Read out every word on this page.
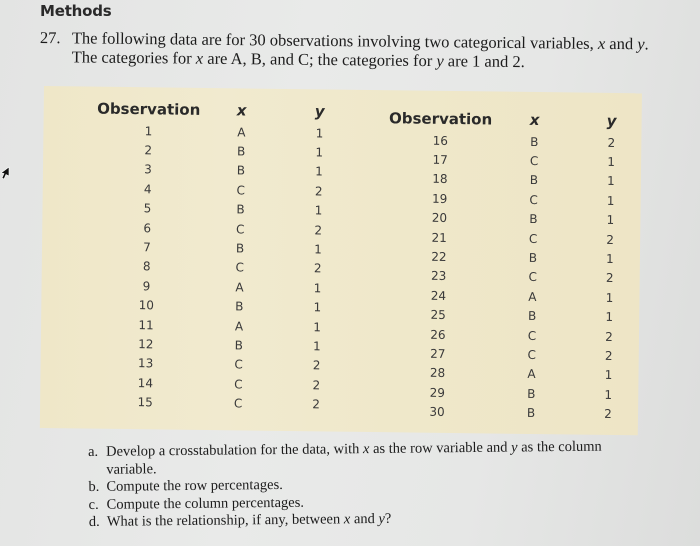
Methods
27. The following data are for 30 observations involving two categorical variables, x and y.
The categories for x are A, B, and C; the categories for y are 1 and 2.
Observation	x	y
1	A	1
2	B	1
3	B	1
4	C	2
5	B	1
6	C	2
7	B	1
8	C	2
9	A	1
10	B	1
11	A	1
12	B	1
13	C	2
14	C	2
15	C	2
Observation	x	y
16	B	2
17	C	1
18	B	1
19	C	1
20	B	1
21	C	2
22	B	1
23	C	2
24	A	1
25	B	1
26	C	2
27	C	2
28	A	1
29	B	1
30	B	2
a. Develop a crosstabulation for the data, with x as the row variable and y as the column variable.
b. Compute the row percentages.
c. Compute the column percentages.
d. What is the relationship, if any, between x and y?
